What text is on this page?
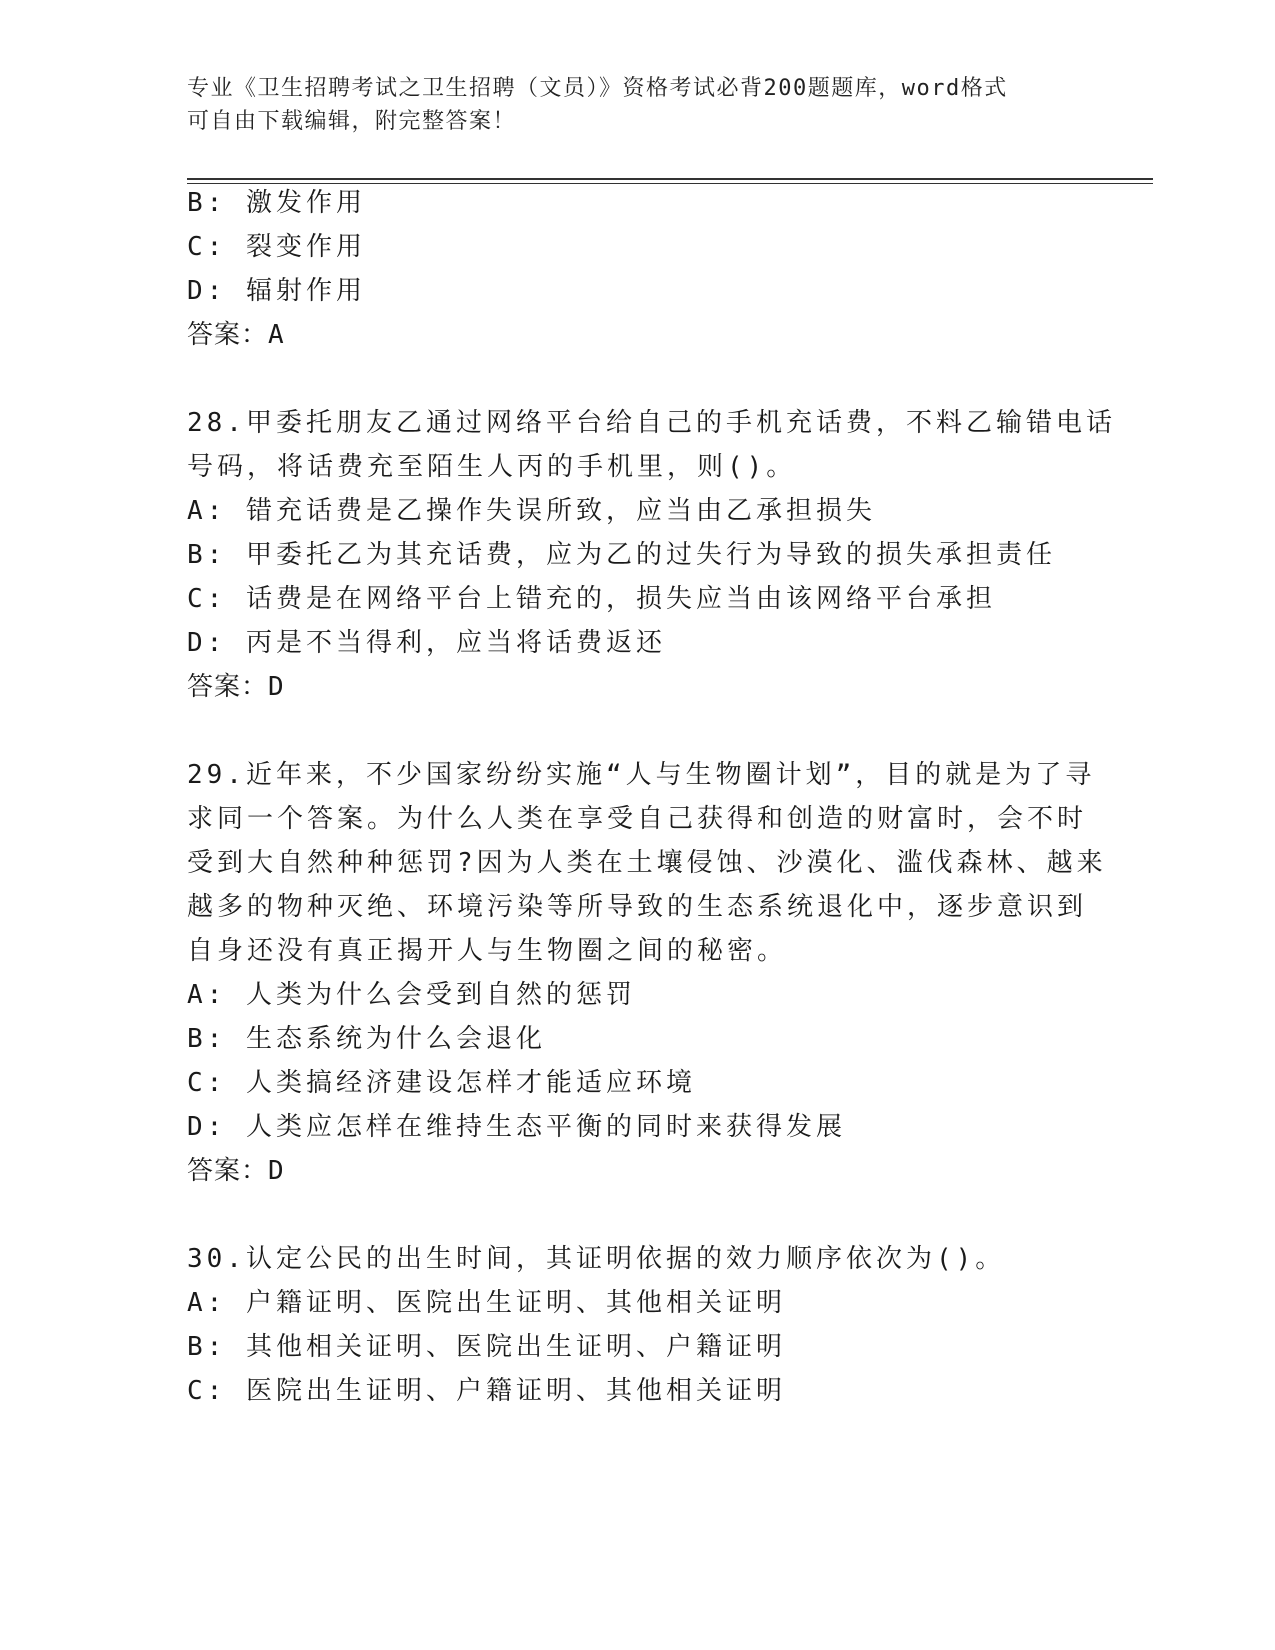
专业《卫生招聘考试之卫生招聘（文员）》资格考试必背200题题库，word格式
可自由下载编辑，附完整答案！
B: 激发作用
C: 裂变作用
D: 辐射作用
答案：A
28.甲委托朋友乙通过网络平台给自己的手机充话费，不料乙输错电话
号码，将话费充至陌生人丙的手机里，则()。
A: 错充话费是乙操作失误所致，应当由乙承担损失
B: 甲委托乙为其充话费，应为乙的过失行为导致的损失承担责任
C: 话费是在网络平台上错充的，损失应当由该网络平台承担
D: 丙是不当得利，应当将话费返还
答案：D
29.近年来，不少国家纷纷实施“人与生物圈计划”，目的就是为了寻
求同一个答案。为什么人类在享受自己获得和创造的财富时，会不时
受到大自然种种惩罚?因为人类在土壤侵蚀、沙漠化、滥伐森林、越来
越多的物种灭绝、环境污染等所导致的生态系统退化中，逐步意识到
自身还没有真正揭开人与生物圈之间的秘密。
A: 人类为什么会受到自然的惩罚
B: 生态系统为什么会退化
C: 人类搞经济建设怎样才能适应环境
D: 人类应怎样在维持生态平衡的同时来获得发展
答案：D
30.认定公民的出生时间，其证明依据的效力顺序依次为()。
A: 户籍证明、医院出生证明、其他相关证明
B: 其他相关证明、医院出生证明、户籍证明
C: 医院出生证明、户籍证明、其他相关证明
